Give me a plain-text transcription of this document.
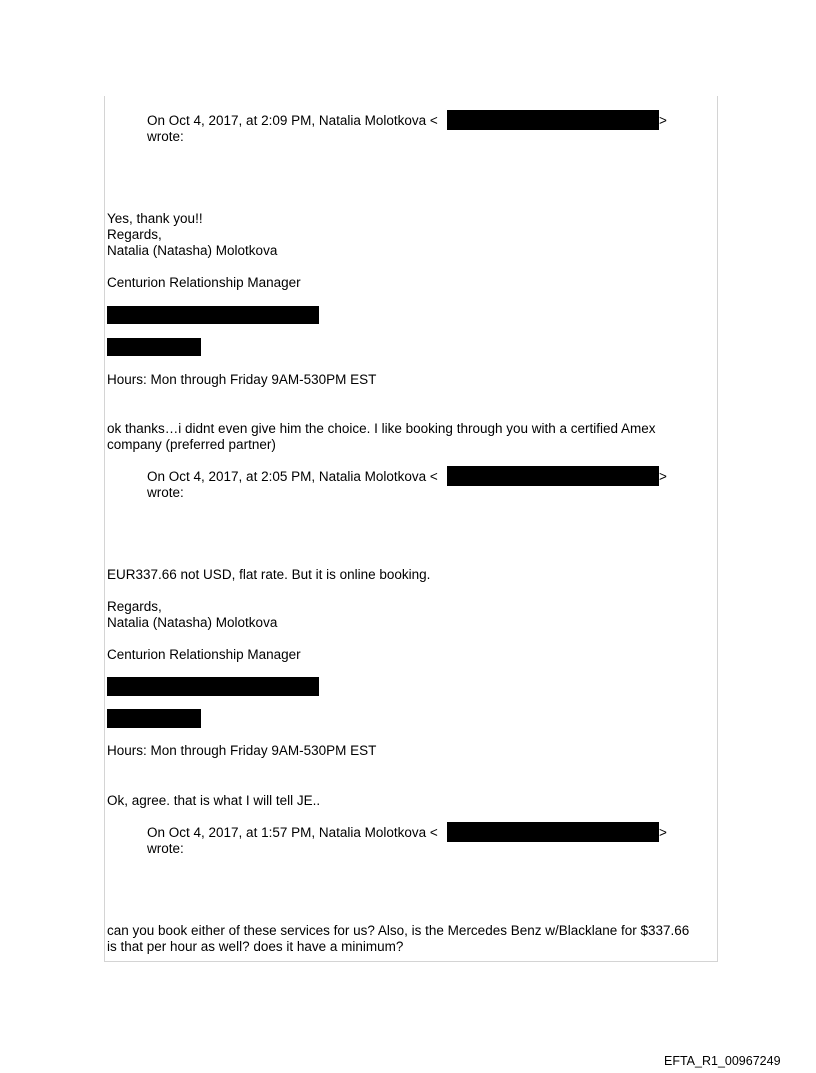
On Oct 4, 2017, at 2:09 PM, Natalia Molotkova <	>
wrote:
Yes, thank you!!
Regards,
Natalia (Natasha) Molotkova
Centurion Relationship Manager
Hours: Mon through Friday 9AM-530PM EST
ok thanks…i didnt even give him the choice. I like booking through you with a certified Amex
company (preferred partner)
On Oct 4, 2017, at 2:05 PM, Natalia Molotkova <	>
wrote:
EUR337.66 not USD, flat rate. But it is online booking.
Regards,
Natalia (Natasha) Molotkova
Centurion Relationship Manager
Hours: Mon through Friday 9AM-530PM EST
Ok, agree. that is what I will tell JE..
On Oct 4, 2017, at 1:57 PM, Natalia Molotkova <	>
wrote:
can you book either of these services for us? Also, is the Mercedes Benz w/Blacklane for $337.66
is that per hour as well? does it have a minimum?
EFTA_R1_00967249
